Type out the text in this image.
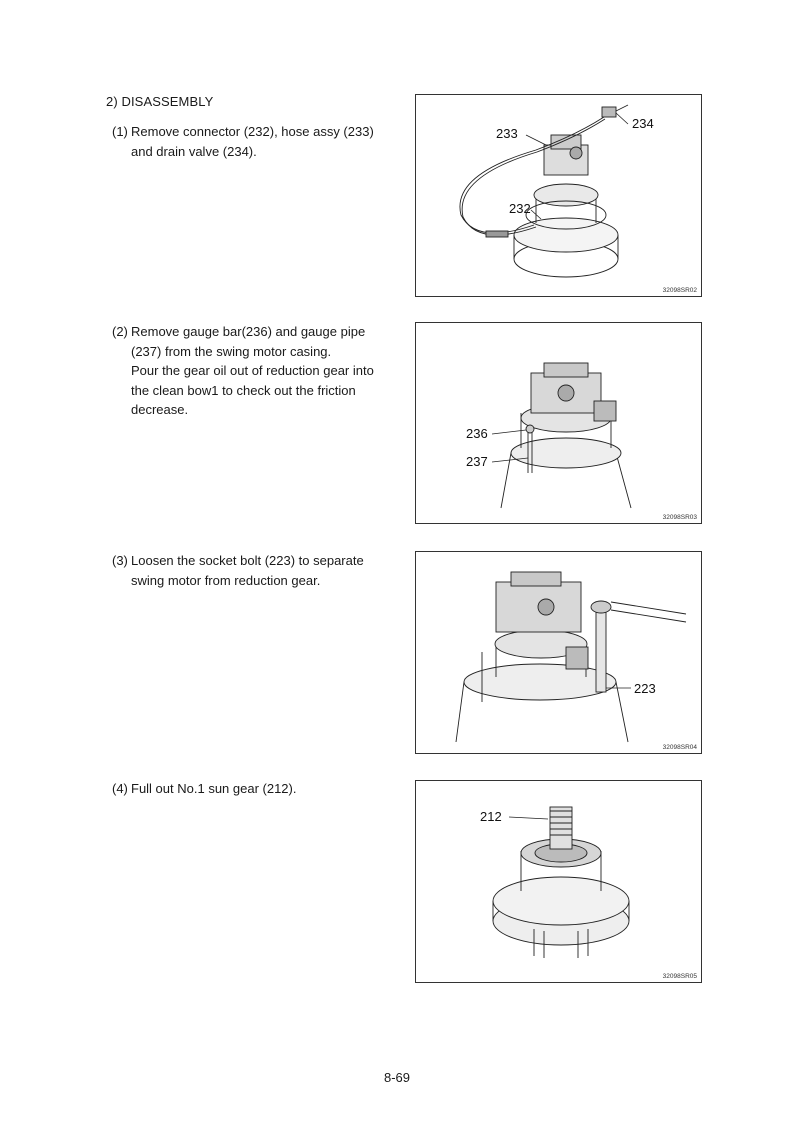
2) DISASSEMBLY
(1) Remove connector (232), hose assy (233)
and drain valve (234).
(2) Remove gauge bar(236) and gauge pipe
(237) from the swing motor casing.
Pour the gear oil out of reduction gear into
the clean bow1 to check out the friction
decrease.
(3) Loosen the socket bolt (223) to separate
swing motor from reduction gear.
(4) Full out No.1 sun gear (212).
234
233
232
32098SR02
236
237
32098SR03
223
32098SR04
212
32098SR05
8-69
